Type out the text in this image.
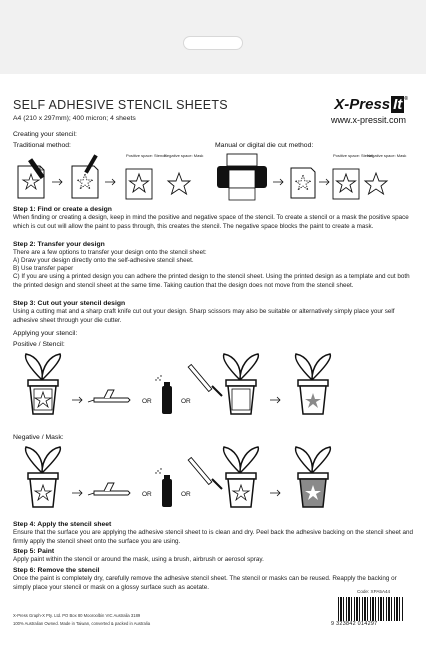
SELF ADHESIVE STENCIL SHEETS
A4 (210 x 297mm); 400 micron; 4 sheets
X-Press It ®
www.x-pressit.com
Creating your stencil:
Traditional method:	Manual or digital die cut method:
Positive space: Stencil
Negative space: Mask	Positive space: Stencil
Negative space: Mask
Step 1: Find or create a design
When finding or creating a design, keep in mind the positive and negative space of the stencil. To create a stencil or a mask the positive space which is cut out will allow the paint to pass through, this creates the stencil. The negative space blocks the paint to create a mask.
Step 2: Transfer your design
There are a few options to transfer your design onto the stencil sheet:
A) Draw your design directly onto the self-adhesive stencil sheet.
B) Use transfer paper
C) If you are using a printed design you can adhere the printed design to the stencil sheet. Using the printed design as a template and cut both the printed design and stencil sheet at the same time. Taking caution that the design does not move from the stencil sheet.
Step 3: Cut out your stencil design
Using a cutting mat and a sharp craft knife cut out your design. Sharp scissors may also be suitable or alternatively simply place your self adhesive sheet through your die cutter.
Applying your stencil:
Positive / Stencil:
OR	OR
Negative / Mask:
OR	OR
Step 4: Apply the stencil sheet
Ensure that the surface you are applying the adhesive stencil sheet to is clean and dry. Peel back the adhesive backing on the stencil sheet and firmly apply the stencil sheet onto the surface you are using.
Step 5: Paint
Apply paint within the stencil or around the mask, using a brush, airbrush or aerosol spray.
Step 6: Remove the stencil
Once the paint is completely dry, carefully remove the adhesive stencil sheet. The stencil or masks can be reused. Reapply the backing or simply place your stencil or mask on a glossy surface such as acetate.
Code: XPA5A44
X-Press Graph-X Pty. Ltd. PO Box 80 Mooroolbin VIC Australia 3189
100% Australian Owned. Made in Taiwan, converted & packed in Australia	9 323842 014297
